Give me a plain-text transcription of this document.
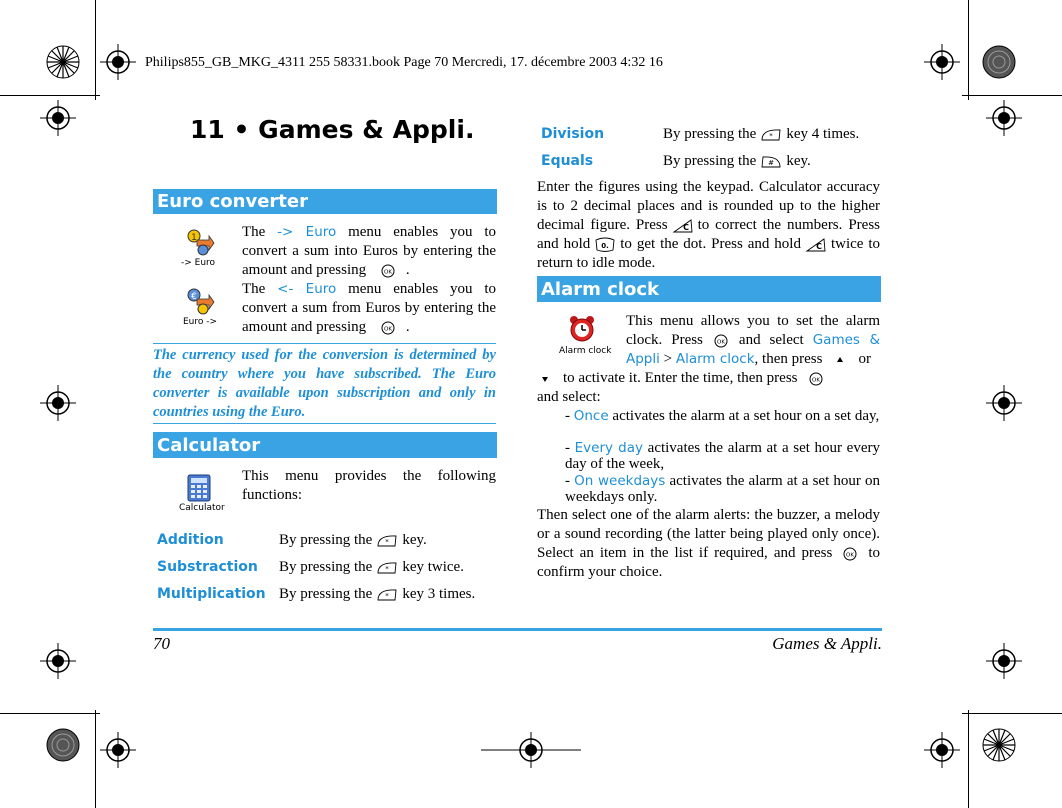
Philips855_GB_MKG_4311 255 58331.book Page 70 Mercredi, 17. décembre 2003 4:32 16
11 • Games & Appli.
Euro converter
1
-> Euro
€
Euro ->
The -> Euro menu enables you to convert a sum into Euros by entering the amount and pressing	OK .
The <- Euro menu enables you to convert a sum from Euros by entering the amount and pressing	OK .
The currency used for the conversion is determined by the country where you have subscribed. The Euro converter is available upon subscription and only in countries using the Euro.
Calculator
Calculator
This menu provides the following functions:
Addition	By pressing the * key.
Substraction By pressing the * key twice.
Multiplication By pressing the * key 3 times.
Division	By pressing the * key 4 times.
Equals	By pressing the # key.
Enter the figures using the keypad. Calculator accuracy is to 2 decimal places and is rounded up to the higher decimal figure. Press C to correct the numbers. Press and hold 0. to get the dot. Press and hold C twice to return to idle mode.
Alarm clock
Alarm clock
This menu allows you to set the alarm clock. Press	OK and select Games & Appli > Alarm clock, then press or
to activate it. Enter the time, then press	OK

and select:
- Once activates the alarm at a set hour on a set day,
- Every day activates the alarm at a set hour every day of the week,
- On weekdays activates the alarm at a set hour on weekdays only.
Then select one of the alarm alerts: the buzzer, a melody or a sound recording (the latter being played only once). Select an item in the list if required, and press	OK to confirm your choice.
70	Games & Appli.
